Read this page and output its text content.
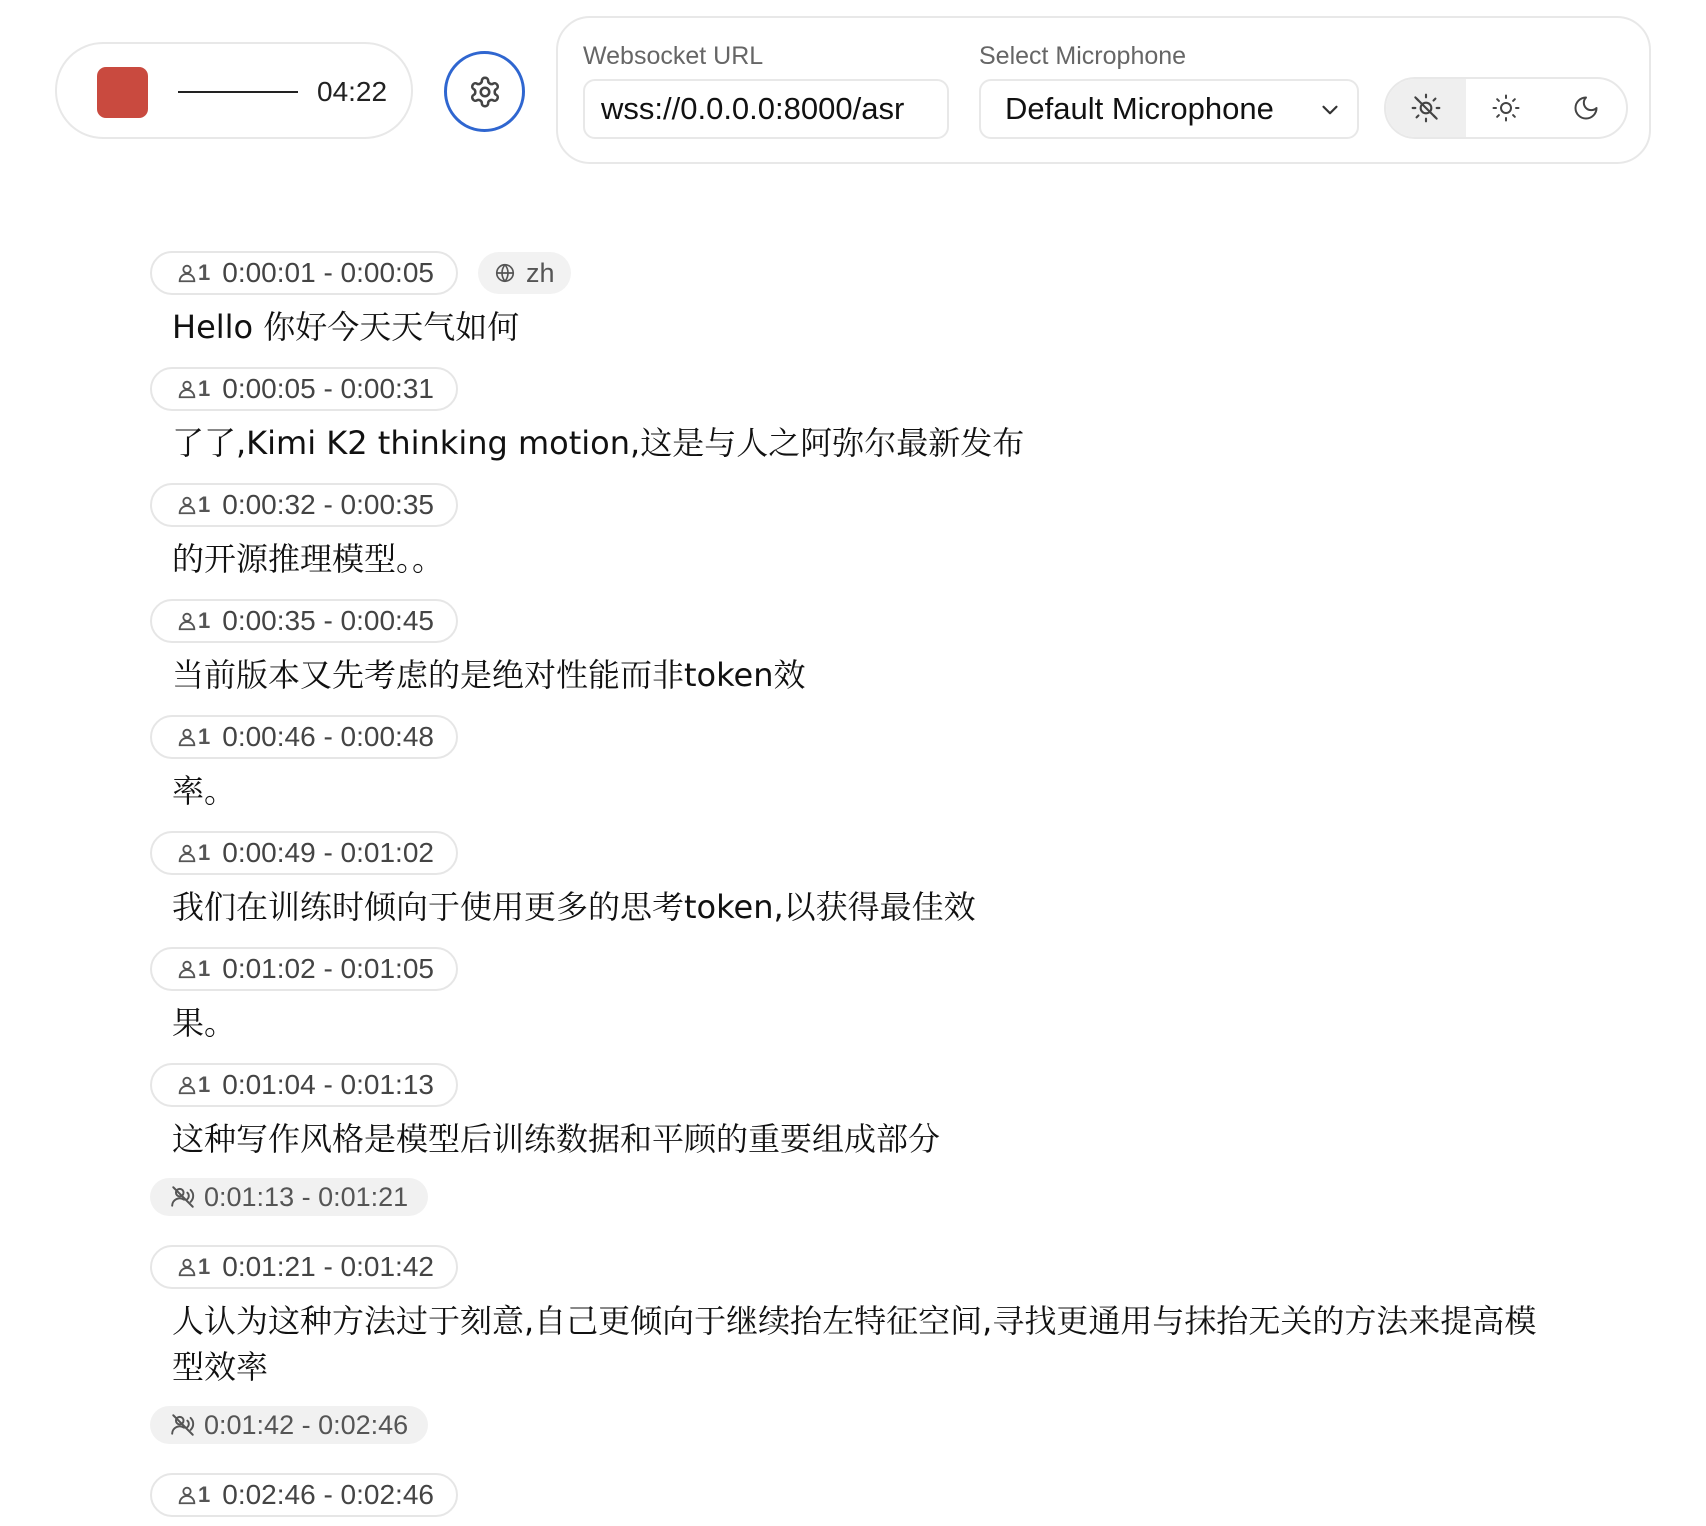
04:22
Websocket URL
wss://0.0.0.0:8000/asr	Select Microphone
Default Microphone
1 0:00:01 - 0:00:05	zh
Hello 你好今天天气如何
1 0:00:05 - 0:00:31
了了,Kimi K2 thinking motion,这是与人之阿弥尔最新发布
1 0:00:32 - 0:00:35
的开源推理模型。。
1 0:00:35 - 0:00:45
当前版本又先考虑的是绝对性能而非token效
1 0:00:46 - 0:00:48
率。
1 0:00:49 - 0:01:02
我们在训练时倾向于使用更多的思考token,以获得最佳效
1 0:01:02 - 0:01:05
果。
1 0:01:04 - 0:01:13
这种写作风格是模型后训练数据和平顾的重要组成部分
0:01:13 - 0:01:21
1 0:01:21 - 0:01:42
人认为这种方法过于刻意,自己更倾向于继续抬左特征空间,寻找更通用与抹抬无关的方法来提高模型效率
0:01:42 - 0:02:46
1 0:02:46 - 0:02:46
